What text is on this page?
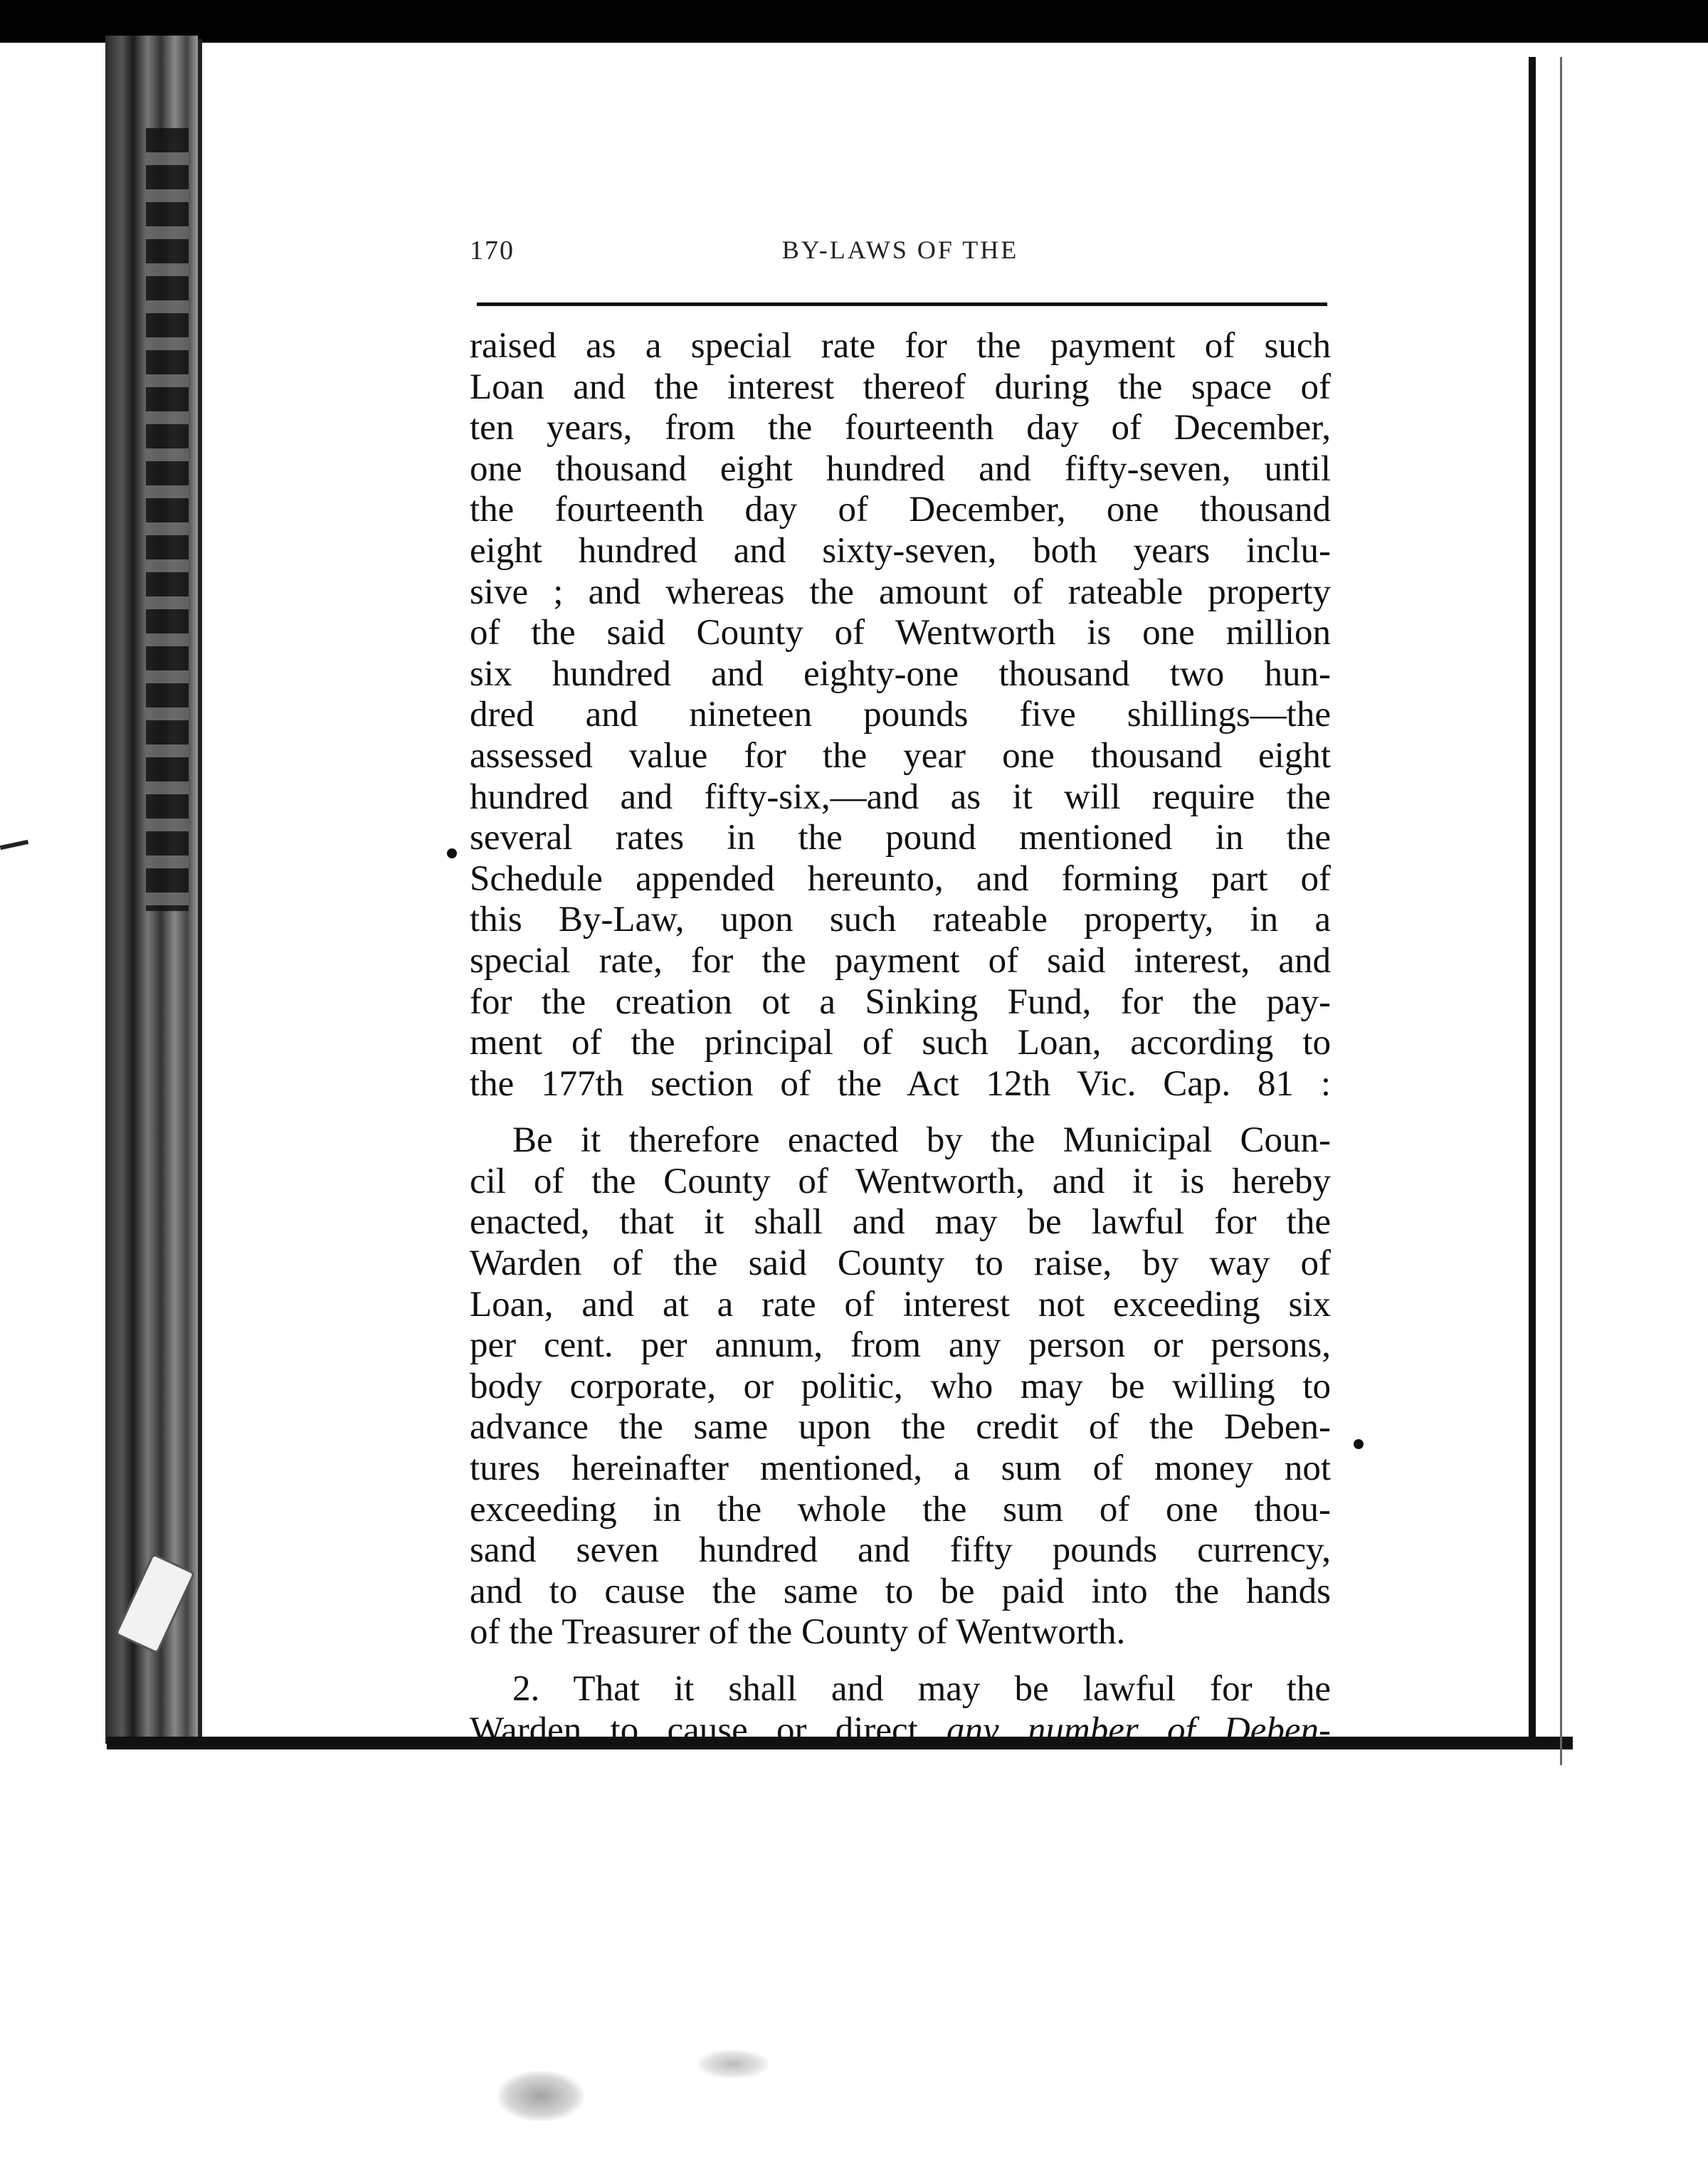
170	BY-LAWS OF THE
raised as a special rate for the payment of such
Loan and the interest thereof during the space of
ten years, from the fourteenth day of December,
one thousand eight hundred and fifty-seven, until
the fourteenth day of December, one thousand
eight hundred and sixty-seven, both years inclu-
sive ; and whereas the amount of rateable property
of the said County of Wentworth is one million
six hundred and eighty-one thousand two hun-
dred and nineteen pounds five shillings—the
assessed value for the year one thousand eight
hundred and fifty-six,—and as it will require the
several rates in the pound mentioned in the
Schedule appended hereunto, and forming part of
this By-Law, upon such rateable property, in a
special rate, for the payment of said interest, and
for the creation ot a Sinking Fund, for the pay-
ment of the principal of such Loan, according to
the 177th section of the Act 12th Vic. Cap. 81 :
Be it therefore enacted by the Municipal Coun-
cil of the County of Wentworth, and it is hereby
enacted, that it shall and may be lawful for the
Warden of the said County to raise, by way of
Loan, and at a rate of interest not exceeding six
per cent. per annum, from any person or persons,
body corporate, or politic, who may be willing to
advance the same upon the credit of the Deben-
tures hereinafter mentioned, a sum of money not
exceeding in the whole the sum of one thou-
sand seven hundred and fifty pounds currency,
and to cause the same to be paid into the hands
of the Treasurer of the County of Wentworth.
2. That it shall and may be lawful for the
Warden to cause or direct any number of Deben-
